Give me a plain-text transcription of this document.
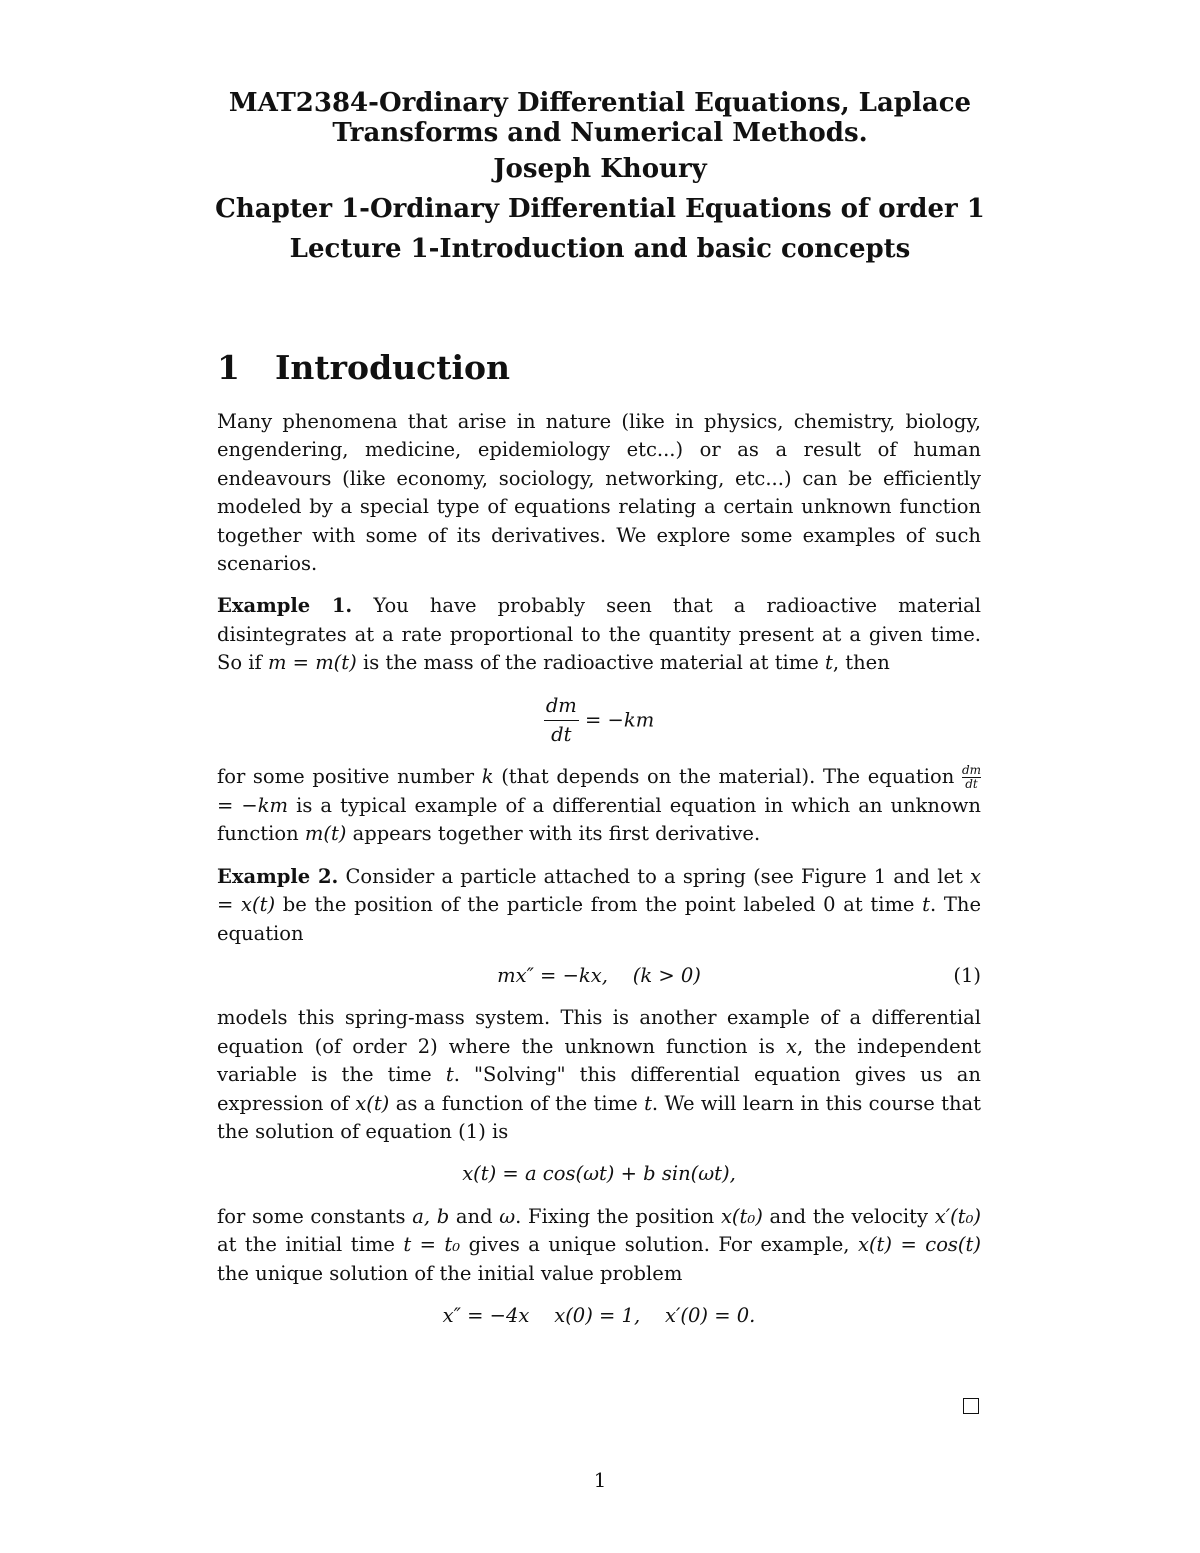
MAT2384-Ordinary Differential Equations, Laplace
Transforms and Numerical Methods.
Joseph Khoury
Chapter 1-Ordinary Differential Equations of order 1
Lecture 1-Introduction and basic concepts
1 Introduction

Many phenomena that arise in nature (like in physics, chemistry, biology, engendering, medicine, epidemiology etc...) or as a result of human endeavours (like economy, sociology, networking, etc...) can be efficiently modeled by a special type of equations relating a certain unknown function together with some of its derivatives. We explore some examples of such scenarios.

Example 1. You have probably seen that a radioactive material disintegrates at a rate proportional to the quantity present at a given time. So if m = m(t) is the mass of the radioactive material at time t, then

$\frac{dm}{dt} = -km$

for some positive number k (that depends on the material). The equation $\frac{dm}{dt} = -km$ is a typical example of a differential equation in which an unknown function m(t) appears together with its first derivative.

Example 2. Consider a particle attached to a spring (see Figure 1 and let x = x(t) be the position of the particle from the point labeled 0 at time t. The equation

mx″ = −kx,    (k > 0)	(1)

models this spring-mass system. This is another example of a differential equation (of order 2) where the unknown function is x, the independent variable is the time t. "Solving" this differential equation gives us an expression of x(t) as a function of the time t. We will learn in this course that the solution of equation (1) is

x(t) = a cos(ωt) + b sin(ωt),

for some constants a, b and ω. Fixing the position x(t₀) and the velocity x′(t₀) at the initial time t = t₀ gives a unique solution. For example, x(t) = cos(t) the unique solution of the initial value problem

x″ = −4x    x(0) = 1,    x′(0) = 0.
1
